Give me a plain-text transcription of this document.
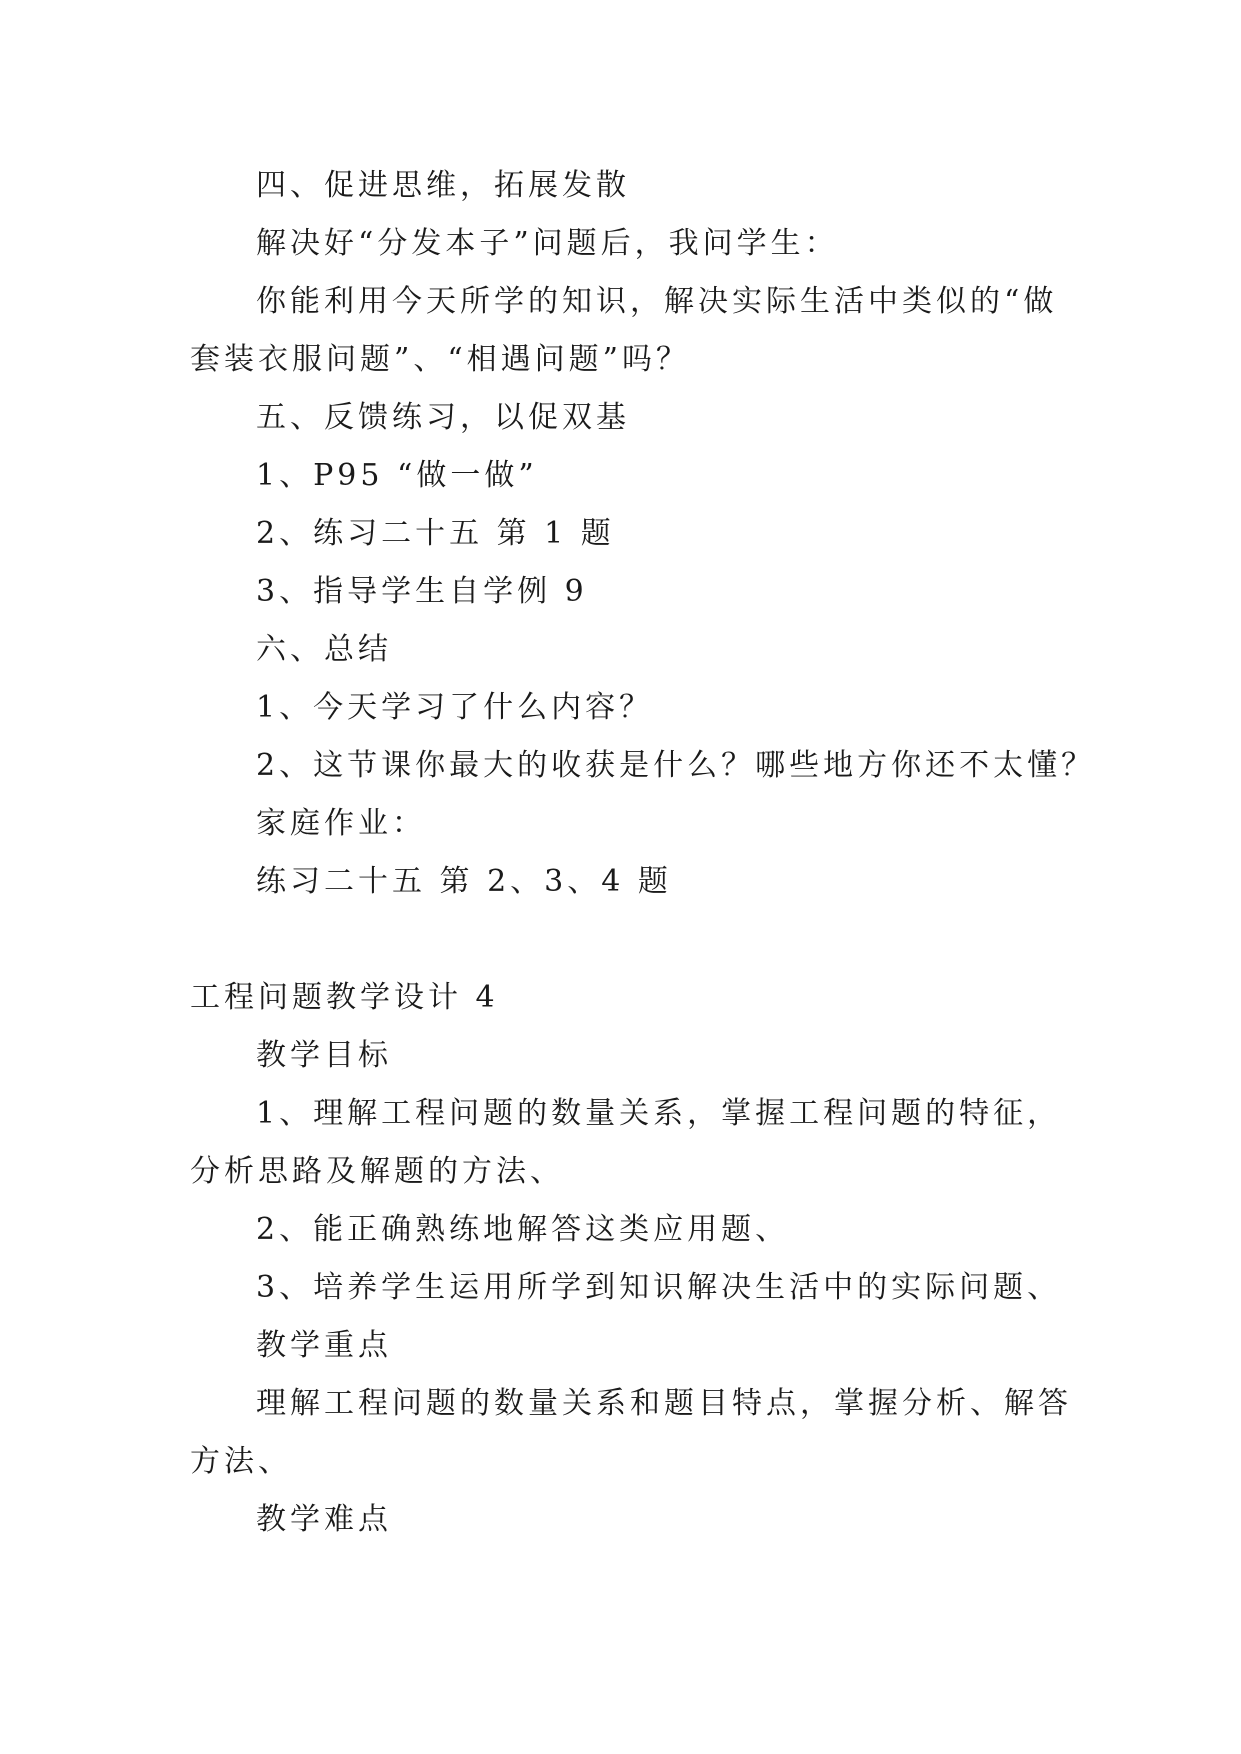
四、促进思维，拓展发散
解决好“分发本子”问题后，我问学生：
你能利用今天所学的知识，解决实际生活中类似的“做
套装衣服问题”、“相遇问题”吗？
五、反馈练习，以促双基
1、P95 “做一做”
2、练习二十五 第 1 题
3、指导学生自学例 9
六、总结
1、今天学习了什么内容？
2、这节课你最大的收获是什么？哪些地方你还不太懂？
家庭作业：
练习二十五 第 2、3、4 题
工程问题教学设计 4
教学目标
1、理解工程问题的数量关系，掌握工程问题的特征，
分析思路及解题的方法、
2、能正确熟练地解答这类应用题、
3、培养学生运用所学到知识解决生活中的实际问题、
教学重点
理解工程问题的数量关系和题目特点，掌握分析、解答
方法、
教学难点
